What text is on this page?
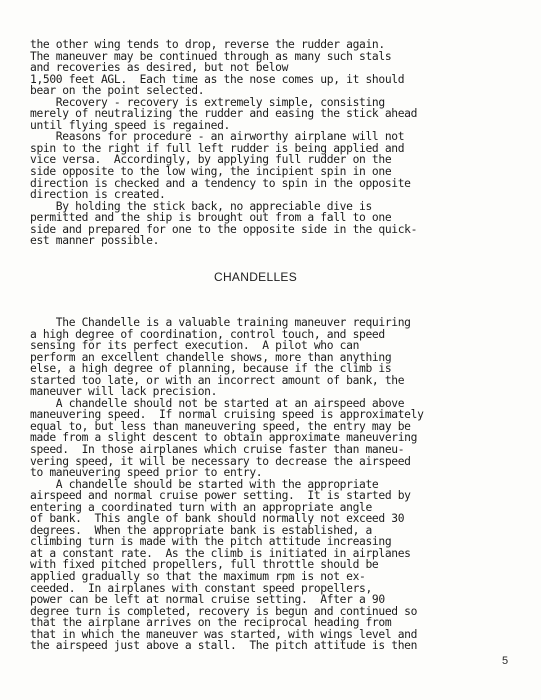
the other wing tends to drop, reverse the rudder again.
The maneuver may be continued through as many such stals
and recoveries as desired, but not below
1,500 feet AGL.  Each time as the nose comes up, it should
bear on the point selected.
Recovery - recovery is extremely simple, consisting
merely of neutralizing the rudder and easing the stick ahead
until flying speed is regained.
Reasons for procedure - an airworthy airplane will not
spin to the right if full left rudder is being applied and
vice versa.  Accordingly, by applying full rudder on the
side opposite to the low wing, the incipient spin in one
direction is checked and a tendency to spin in the opposite
direction is created.
By holding the stick back, no appreciable dive is
permitted and the ship is brought out from a fall to one
side and prepared for one to the opposite side in the quick-
est manner possible.
CHANDELLES
The Chandelle is a valuable training maneuver requiring
a high degree of coordination, control touch, and speed
sensing for its perfect execution.  A pilot who can
perform an excellent chandelle shows, more than anything
else, a high degree of planning, because if the climb is
started too late, or with an incorrect amount of bank, the
maneuver will lack precision.
A chandelle should not be started at an airspeed above
maneuvering speed.  If normal cruising speed is approximately
equal to, but less than maneuvering speed, the entry may be
made from a slight descent to obtain approximate maneuvering
speed.  In those airplanes which cruise faster than maneu-
vering speed, it will be necessary to decrease the airspeed
to maneuvering speed prior to entry.
A chandelle should be started with the appropriate
airspeed and normal cruise power setting.  It is started by
entering a coordinated turn with an appropriate angle
of bank.  This angle of bank should normally not exceed 30
degrees.  When the appropriate bank is established, a
climbing turn is made with the pitch attitude increasing
at a constant rate.  As the climb is initiated in airplanes
with fixed pitched propellers, full throttle should be
applied gradually so that the maximum rpm is not ex-
ceeded.  In airplanes with constant speed propellers,
power can be left at normal cruise setting.  After a 90
degree turn is completed, recovery is begun and continued so
that the airplane arrives on the reciprocal heading from
that in which the maneuver was started, with wings level and
the airspeed just above a stall.  The pitch attitude is then
5
